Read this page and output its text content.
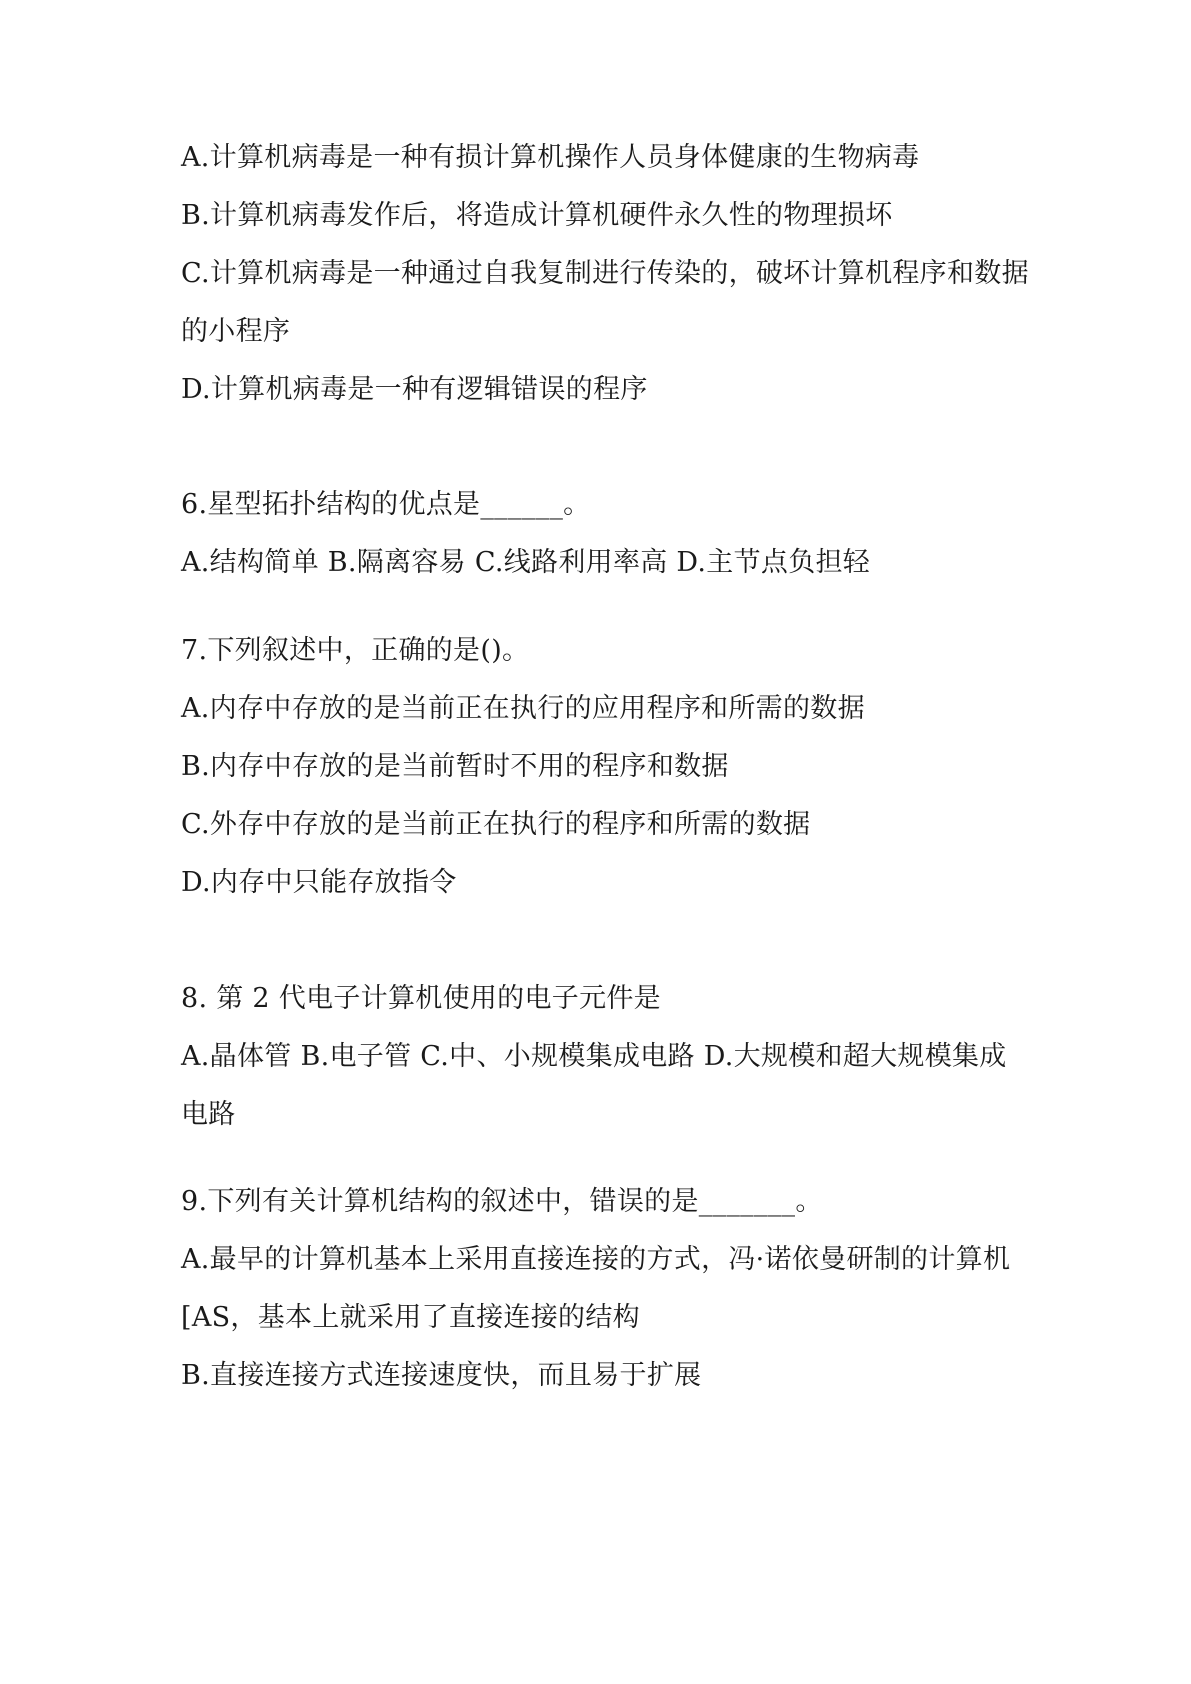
A.计算机病毒是一种有损计算机操作人员身体健康的生物病毒

B.计算机病毒发作后，将造成计算机硬件永久性的物理损坏

C.计算机病毒是一种通过自我复制进行传染的，破坏计算机程序和数据

的小程序

D.计算机病毒是一种有逻辑错误的程序

6.星型拓扑结构的优点是______。

A.结构简单 B.隔离容易 C.线路利用率高 D.主节点负担轻

7.下列叙述中，正确的是()。

A.内存中存放的是当前正在执行的应用程序和所需的数据

B.内存中存放的是当前暂时不用的程序和数据

C.外存中存放的是当前正在执行的程序和所需的数据

D.内存中只能存放指令

8. 第 2 代电子计算机使用的电子元件是

A.晶体管 B.电子管 C.中、小规模集成电路 D.大规模和超大规模集成

电路

9.下列有关计算机结构的叙述中，错误的是_______。

A.最早的计算机基本上采用直接连接的方式，冯·诺依曼研制的计算机

[AS，基本上就采用了直接连接的结构

B.直接连接方式连接速度快，而且易于扩展
